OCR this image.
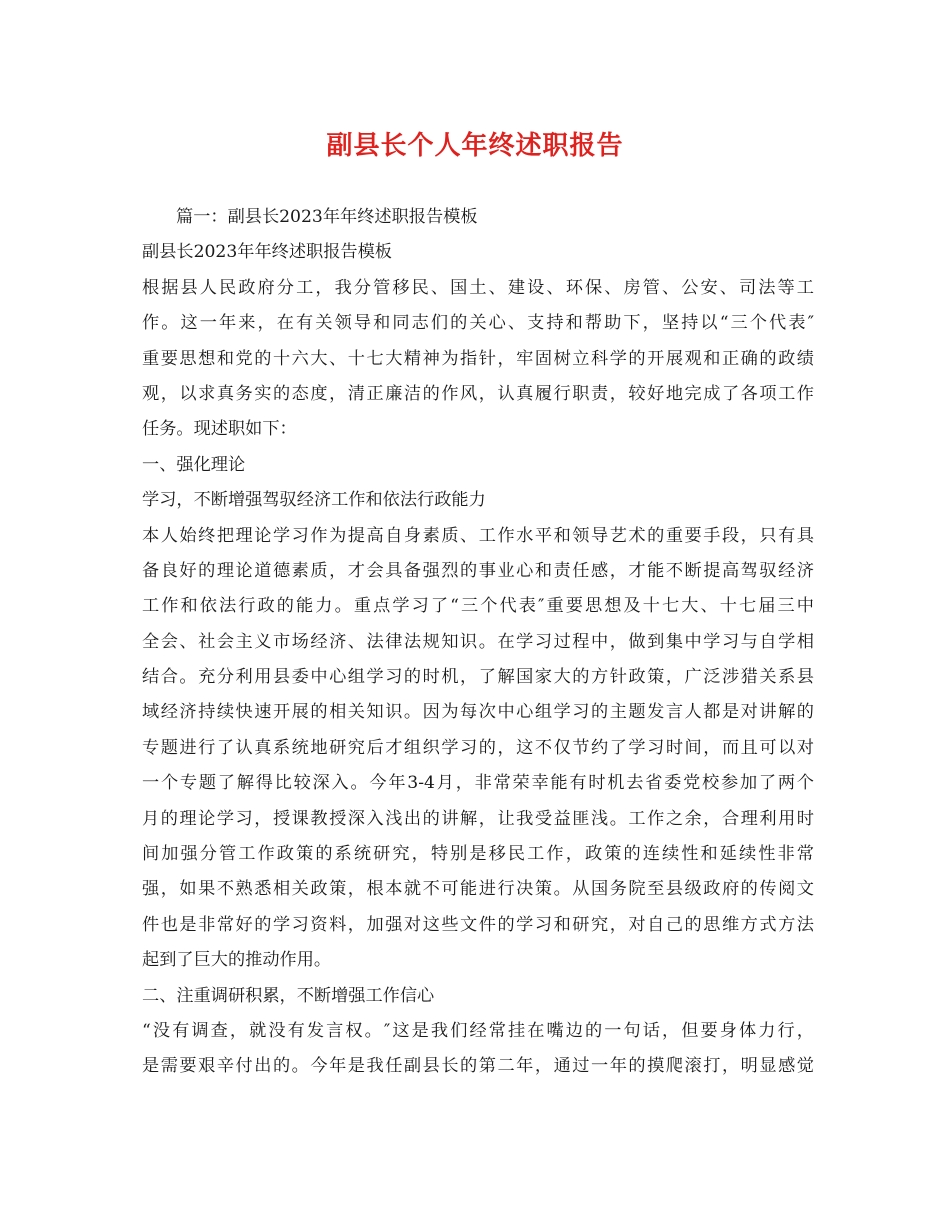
副县长个人年终述职报告
篇一：副县长2023年年终述职报告模板
副县长2023年年终述职报告模板
根据县人民政府分工，我分管移民、国土、建设、环保、房管、公安、司法等工
作。这一年来，在有关领导和同志们的关心、支持和帮助下，坚持以“三个代表″
重要思想和党的十六大、十七大精神为指针，牢固树立科学的开展观和正确的政绩
观，以求真务实的态度，清正廉洁的作风，认真履行职责，较好地完成了各项工作
任务。现述职如下：
一、强化理论
学习，不断增强驾驭经济工作和依法行政能力
本人始终把理论学习作为提高自身素质、工作水平和领导艺术的重要手段，只有具
备良好的理论道德素质，才会具备强烈的事业心和责任感，才能不断提高驾驭经济
工作和依法行政的能力。重点学习了“三个代表″重要思想及十七大、十七届三中
全会、社会主义市场经济、法律法规知识。在学习过程中，做到集中学习与自学相
结合。充分利用县委中心组学习的时机，了解国家大的方针政策，广泛涉猎关系县
域经济持续快速开展的相关知识。因为每次中心组学习的主题发言人都是对讲解的
专题进行了认真系统地研究后才组织学习的，这不仅节约了学习时间，而且可以对
一个专题了解得比较深入。今年3-4月，非常荣幸能有时机去省委党校参加了两个
月的理论学习，授课教授深入浅出的讲解，让我受益匪浅。工作之余，合理利用时
间加强分管工作政策的系统研究，特别是移民工作，政策的连续性和延续性非常
强，如果不熟悉相关政策，根本就不可能进行决策。从国务院至县级政府的传阅文
件也是非常好的学习资料，加强对这些文件的学习和研究，对自己的思维方式方法
起到了巨大的推动作用。
二、注重调研积累，不断增强工作信心
“没有调查，就没有发言权。″这是我们经常挂在嘴边的一句话，但要身体力行，
是需要艰辛付出的。今年是我任副县长的第二年，通过一年的摸爬滚打，明显感觉
